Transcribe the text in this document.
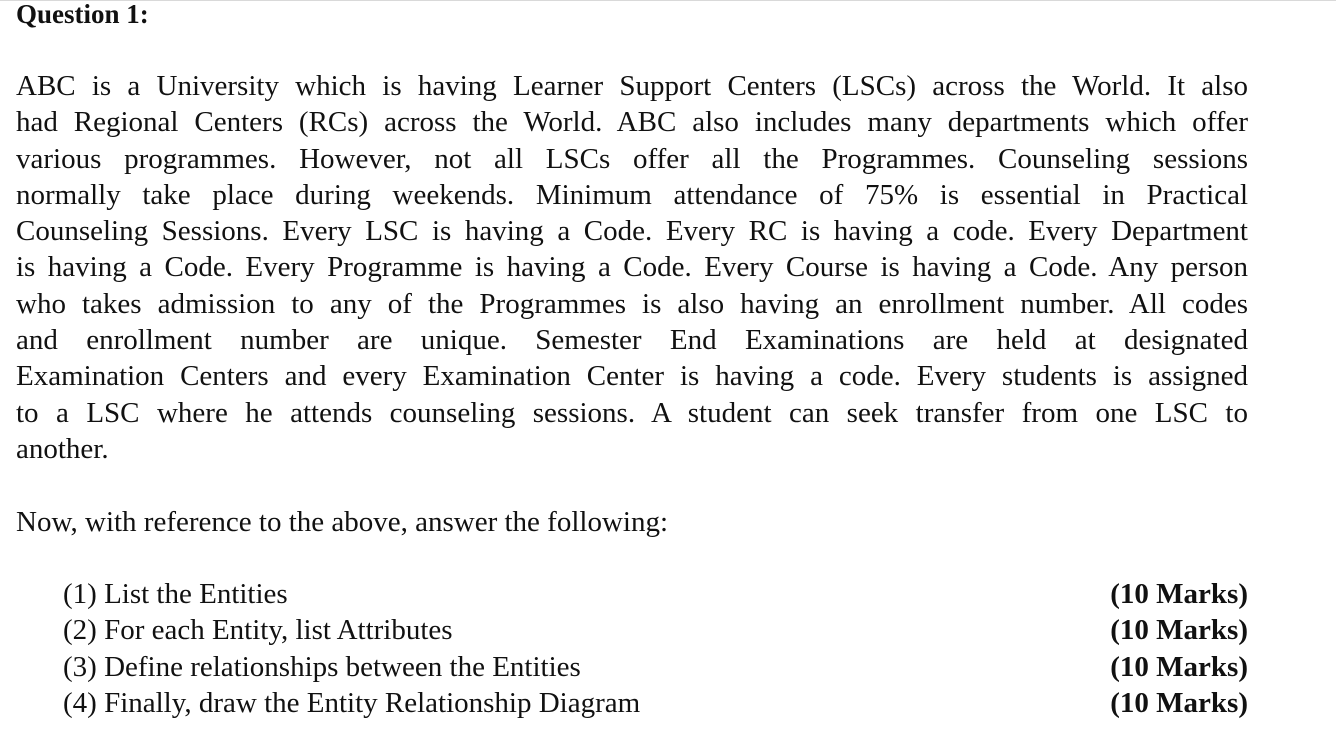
Question 1:
ABC is a University which is having Learner Support Centers (LSCs) across the World. It also
had Regional Centers (RCs) across the World. ABC also includes many departments which offer
various programmes. However, not all LSCs offer all the Programmes. Counseling sessions
normally take place during weekends. Minimum attendance of 75% is essential in Practical
Counseling Sessions. Every LSC is having a Code. Every RC is having a code. Every Department
is having a Code. Every Programme is having a Code. Every Course is having a Code. Any person
who takes admission to any of the Programmes is also having an enrollment number. All codes
and enrollment number are unique. Semester End Examinations are held at designated
Examination Centers and every Examination Center is having a code. Every students is assigned
to a LSC where he attends counseling sessions. A student can seek transfer from one LSC to
another.
Now, with reference to the above, answer the following:
(1) List the Entities	(10 Marks)
(2) For each Entity, list Attributes	(10 Marks)
(3) Define relationships between the Entities	(10 Marks)
(4) Finally, draw the Entity Relationship Diagram	(10 Marks)
